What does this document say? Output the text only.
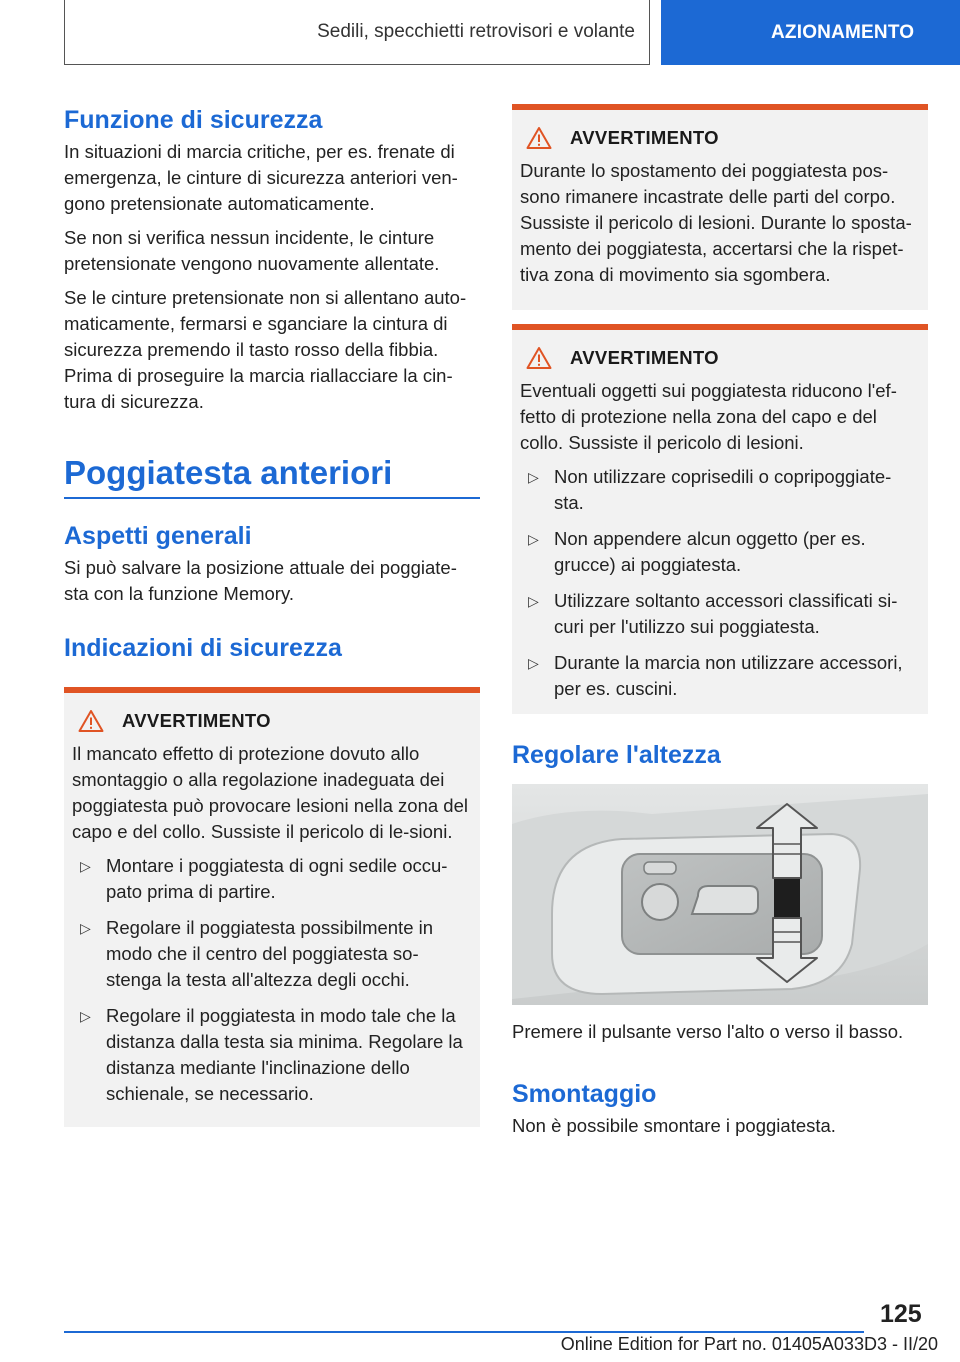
Sedili, specchietti retrovisori e volante	AZIONAMENTO
Funzione di sicurezza

In situazioni di marcia critiche, per es. frenate di emergenza, le cinture di sicurezza anteriori ven-gono pretensionate automaticamente.

Se non si verifica nessun incidente, le cinture pretensionate vengono nuovamente allentate.

Se le cinture pretensionate non si allentano auto-maticamente, fermarsi e sganciare la cintura di sicurezza premendo il tasto rosso della fibbia. Prima di proseguire la marcia riallacciare la cin-tura di sicurezza.

Poggiatesta anteriori
Aspetti generali

Si può salvare la posizione attuale dei poggiate-sta con la funzione Memory.

Indicazioni di sicurezza
AVVERTIMENTO

Il mancato effetto di protezione dovuto allo smontaggio o alla regolazione inadeguata dei poggiatesta può provocare lesioni nella zona del capo e del collo. Sussiste il pericolo di le-sioni.

▷ Montare i poggiatesta di ogni sedile occu-pato prima di partire.
▷ Regolare il poggiatesta possibilmente in modo che il centro del poggiatesta so-stenga la testa all'altezza degli occhi.
▷ Regolare il poggiatesta in modo tale che la distanza dalla testa sia minima. Regolare la distanza mediante l'inclinazione dello schienale, se necessario.
AVVERTIMENTO

Durante lo spostamento dei poggiatesta pos-sono rimanere incastrate delle parti del corpo. Sussiste il pericolo di lesioni. Durante lo sposta-mento dei poggiatesta, accertarsi che la rispet-tiva zona di movimento sia sgombera.

AVVERTIMENTO

Eventuali oggetti sui poggiatesta riducono l'ef-fetto di protezione nella zona del capo e del collo. Sussiste il pericolo di lesioni.

▷ Non utilizzare coprisedili o copripoggiate-sta.
▷ Non appendere alcun oggetto (per es. grucce) ai poggiatesta.
▷ Utilizzare soltanto accessori classificati si-curi per l'utilizzo sui poggiatesta.
▷ Durante la marcia non utilizzare accessori, per es. cuscini.
Regolare l'altezza

Premere il pulsante verso l'alto o verso il basso.

Smontaggio

Non è possibile smontare i poggiatesta.

125
Online Edition for Part no. 01405A033D3 - II/20
